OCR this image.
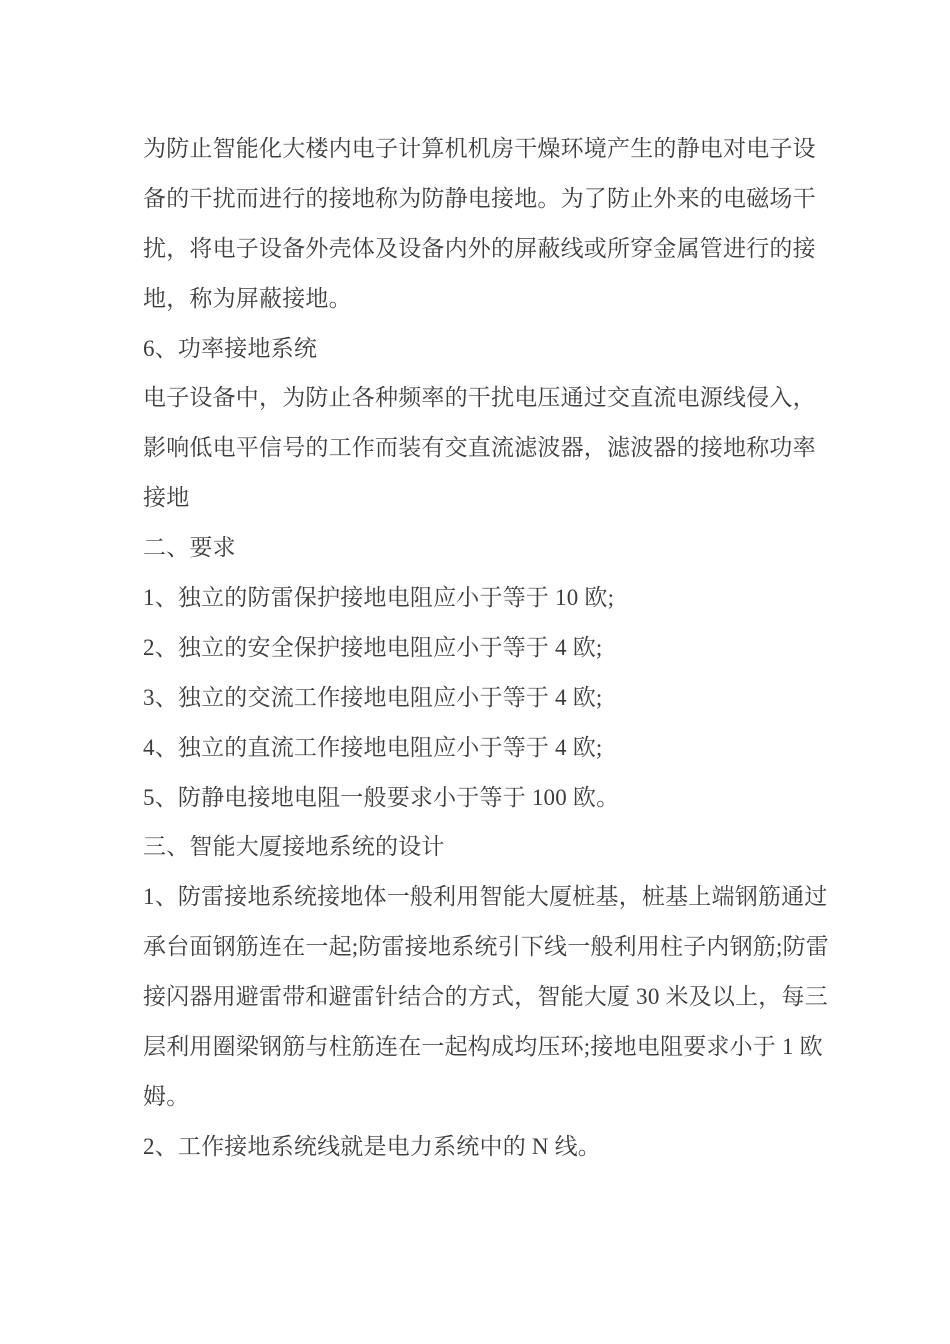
为防止智能化大楼内电子计算机机房干燥环境产生的静电对电子设
备的干扰而进行的接地称为防静电接地。为了防止外来的电磁场干
扰，将电子设备外壳体及设备内外的屏蔽线或所穿金属管进行的接
地，称为屏蔽接地。
6、功率接地系统
电子设备中，为防止各种频率的干扰电压通过交直流电源线侵入，
影响低电平信号的工作而装有交直流滤波器，滤波器的接地称功率
接地
二、要求
1、独立的防雷保护接地电阻应小于等于 10 欧;
2、独立的安全保护接地电阻应小于等于 4 欧;
3、独立的交流工作接地电阻应小于等于 4 欧;
4、独立的直流工作接地电阻应小于等于 4 欧;
5、防静电接地电阻一般要求小于等于 100 欧。
三、智能大厦接地系统的设计
1、防雷接地系统接地体一般利用智能大厦桩基，桩基上端钢筋通过
承台面钢筋连在一起;防雷接地系统引下线一般利用柱子内钢筋;防雷
接闪器用避雷带和避雷针结合的方式，智能大厦 30 米及以上，每三
层利用圈梁钢筋与柱筋连在一起构成均压环;接地电阻要求小于 1 欧
姆。
2、工作接地系统线就是电力系统中的 N 线。
